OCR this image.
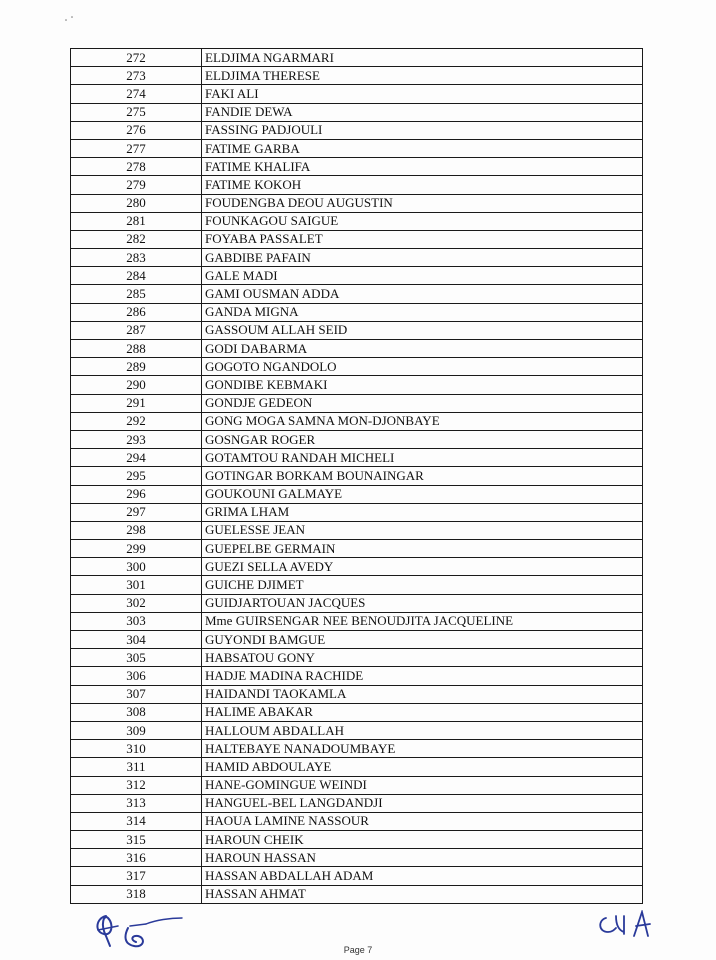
272	ELDJIMA NGARMARI
273	ELDJIMA THERESE
274	FAKI ALI
275	FANDIE DEWA
276	FASSING PADJOULI
277	FATIME GARBA
278	FATIME KHALIFA
279	FATIME KOKOH
280	FOUDENGBA DEOU AUGUSTIN
281	FOUNKAGOU SAIGUE
282	FOYABA PASSALET
283	GABDIBE PAFAIN
284	GALE MADI
285	GAMI OUSMAN ADDA
286	GANDA MIGNA
287	GASSOUM ALLAH SEID
288	GODI DABARMA
289	GOGOTO NGANDOLO
290	GONDIBE KEBMAKI
291	GONDJE GEDEON
292	GONG MOGA SAMNA MON-DJONBAYE
293	GOSNGAR ROGER
294	GOTAMTOU RANDAH MICHELI
295	GOTINGAR BORKAM BOUNAINGAR
296	GOUKOUNI GALMAYE
297	GRIMA LHAM
298	GUELESSE JEAN
299	GUEPELBE GERMAIN
300	GUEZI SELLA AVEDY
301	GUICHE DJIMET
302	GUIDJARTOUAN JACQUES
303	Mme GUIRSENGAR NEE BENOUDJITA JACQUELINE
304	GUYONDI BAMGUE
305	HABSATOU GONY
306	HADJE MADINA RACHIDE
307	HAIDANDI TAOKAMLA
308	HALIME ABAKAR
309	HALLOUM ABDALLAH
310	HALTEBAYE NANADOUMBAYE
311	HAMID ABDOULAYE
312	HANE-GOMINGUE WEINDI
313	HANGUEL-BEL LANGDANDJI
314	HAOUA LAMINE NASSOUR
315	HAROUN CHEIK
316	HAROUN HASSAN
317	HASSAN ABDALLAH ADAM
318	HASSAN AHMAT
Page 7
